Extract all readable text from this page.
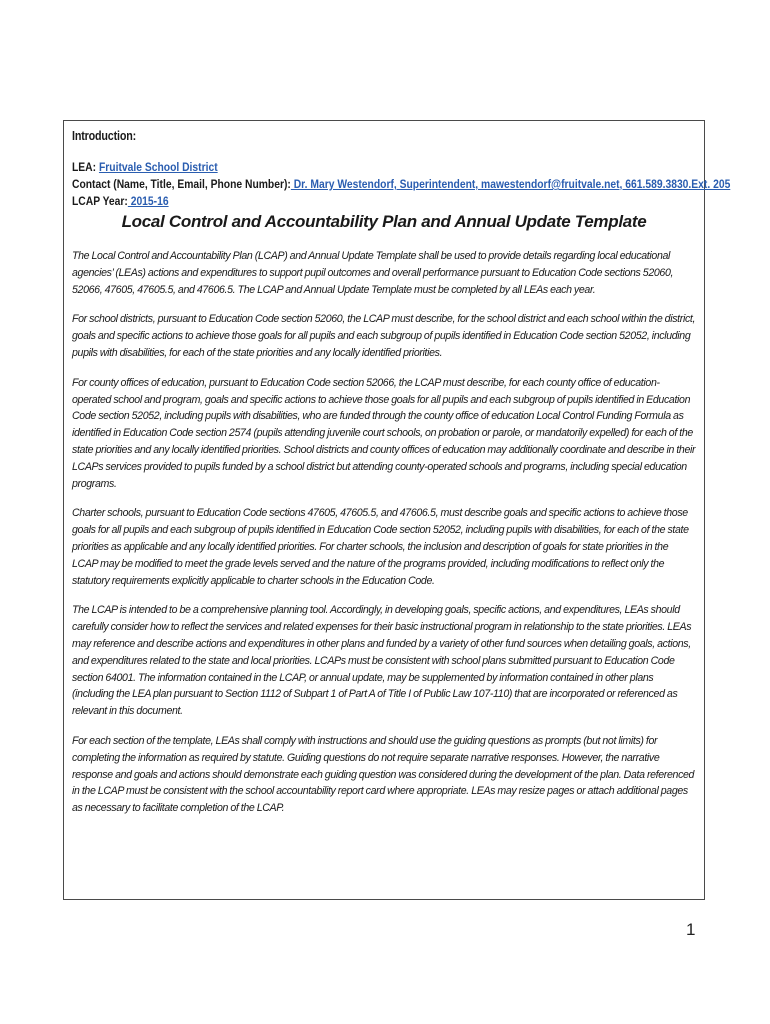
Introduction:
LEA: Fruitvale School District
Contact (Name, Title, Email, Phone Number): Dr. Mary Westendorf, Superintendent, mawestendorf@fruitvale.net, 661.589.3830.Ext. 205
LCAP Year: 2015-16
Local Control and Accountability Plan and Annual Update Template

The Local Control and Accountability Plan (LCAP) and Annual Update Template shall be used to provide details regarding local educational agencies’ (LEAs) actions and expenditures to support pupil outcomes and overall performance pursuant to Education Code sections 52060, 52066, 47605, 47605.5, and 47606.5. The LCAP and Annual Update Template must be completed by all LEAs each year.

For school districts, pursuant to Education Code section 52060, the LCAP must describe, for the school district and each school within the district, goals and specific actions to achieve those goals for all pupils and each subgroup of pupils identified in Education Code section 52052, including pupils with disabilities, for each of the state priorities and any locally identified priorities.

For county offices of education, pursuant to Education Code section 52066, the LCAP must describe, for each county office of education-operated school and program, goals and specific actions to achieve those goals for all pupils and each subgroup of pupils identified in Education Code section 52052, including pupils with disabilities, who are funded through the county office of education Local Control Funding Formula as identified in Education Code section 2574 (pupils attending juvenile court schools, on probation or parole, or mandatorily expelled) for each of the state priorities and any locally identified priorities. School districts and county offices of education may additionally coordinate and describe in their LCAPs services provided to pupils funded by a school district but attending county-operated schools and programs, including special education programs.

Charter schools, pursuant to Education Code sections 47605, 47605.5, and 47606.5, must describe goals and specific actions to achieve those goals for all pupils and each subgroup of pupils identified in Education Code section 52052, including pupils with disabilities, for each of the state priorities as applicable and any locally identified priorities. For charter schools, the inclusion and description of goals for state priorities in the LCAP may be modified to meet the grade levels served and the nature of the programs provided, including modifications to reflect only the statutory requirements explicitly applicable to charter schools in the Education Code.

The LCAP is intended to be a comprehensive planning tool. Accordingly, in developing goals, specific actions, and expenditures, LEAs should carefully consider how to reflect the services and related expenses for their basic instructional program in relationship to the state priorities. LEAs may reference and describe actions and expenditures in other plans and funded by a variety of other fund sources when detailing goals, actions, and expenditures related to the state and local priorities. LCAPs must be consistent with school plans submitted pursuant to Education Code section 64001. The information contained in the LCAP, or annual update, may be supplemented by information contained in other plans (including the LEA plan pursuant to Section 1112 of Subpart 1 of Part A of Title I of Public Law 107-110) that are incorporated or referenced as relevant in this document.

For each section of the template, LEAs shall comply with instructions and should use the guiding questions as prompts (but not limits) for completing the information as required by statute. Guiding questions do not require separate narrative responses. However, the narrative response and goals and actions should demonstrate each guiding question was considered during the development of the plan. Data referenced in the LCAP must be consistent with the school accountability report card where appropriate. LEAs may resize pages or attach additional pages as necessary to facilitate completion of the LCAP.

1
